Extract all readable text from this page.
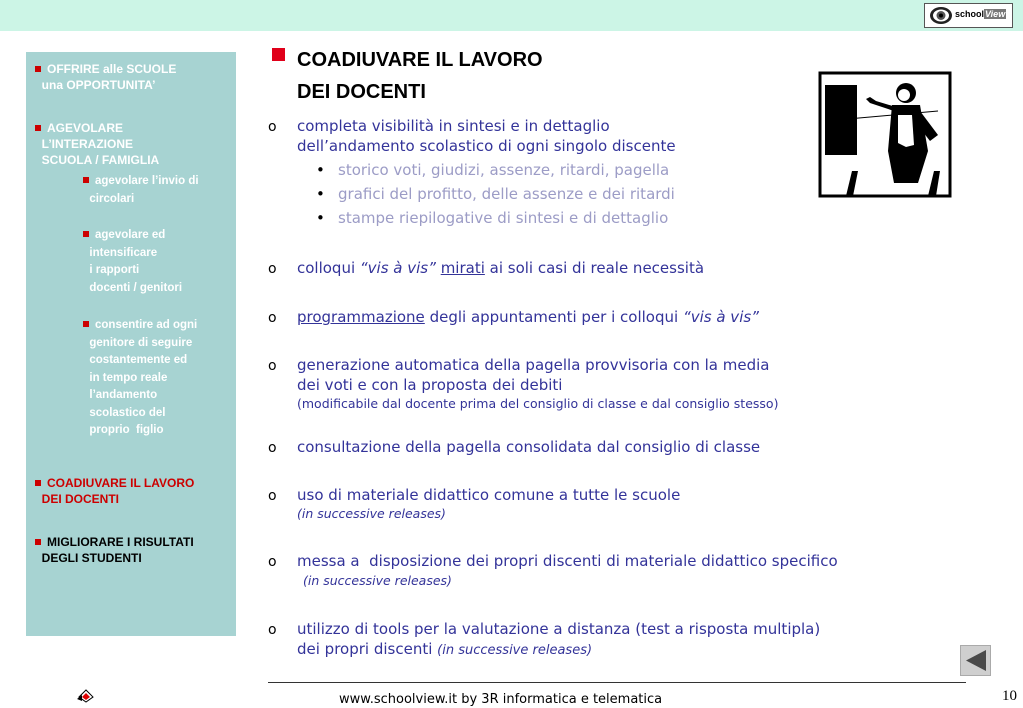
schoolView
OFFRIRE alle SCUOLE
una OPPORTUNITA’
AGEVOLARE
L’INTERAZIONE
SCUOLA / FAMIGLIA
agevolare l’invio di
circolari
agevolare ed
intensificare
i rapporti
docenti / genitori
consentire ad ogni
genitore di seguire
costantemente ed
in tempo reale
l’andamento
scolastico del
proprio  figlio
COADIUVARE IL LAVORO
DEI DOCENTI
MIGLIORARE I RISULTATI
DEGLI STUDENTI
COADIUVARE IL LAVORO
DEI DOCENTI
o completa visibilità in sintesi e in dettaglio
dell’andamento scolastico di ogni singolo discente
• storico voti, giudizi, assenze, ritardi, pagella
• grafici del profitto, delle assenze e dei ritardi
• stampe riepilogative di sintesi e di dettaglio
o colloqui “vis à vis” mirati ai soli casi di reale necessità
o programmazione degli appuntamenti per i colloqui “vis à vis”
o generazione automatica della pagella provvisoria con la media
dei voti e con la proposta dei debiti
(modificabile dal docente prima del consiglio di classe e dal consiglio stesso)
o consultazione della pagella consolidata dal consiglio di classe
o uso di materiale didattico comune a tutte le scuole
(in successive releases)
o messa a  disposizione dei propri discenti di materiale didattico specifico
(in successive releases)
o utilizzo di tools per la valutazione a distanza (test a risposta multipla)
dei propri discenti (in successive releases)
www.schoolview.it by 3R informatica e telematica	10
